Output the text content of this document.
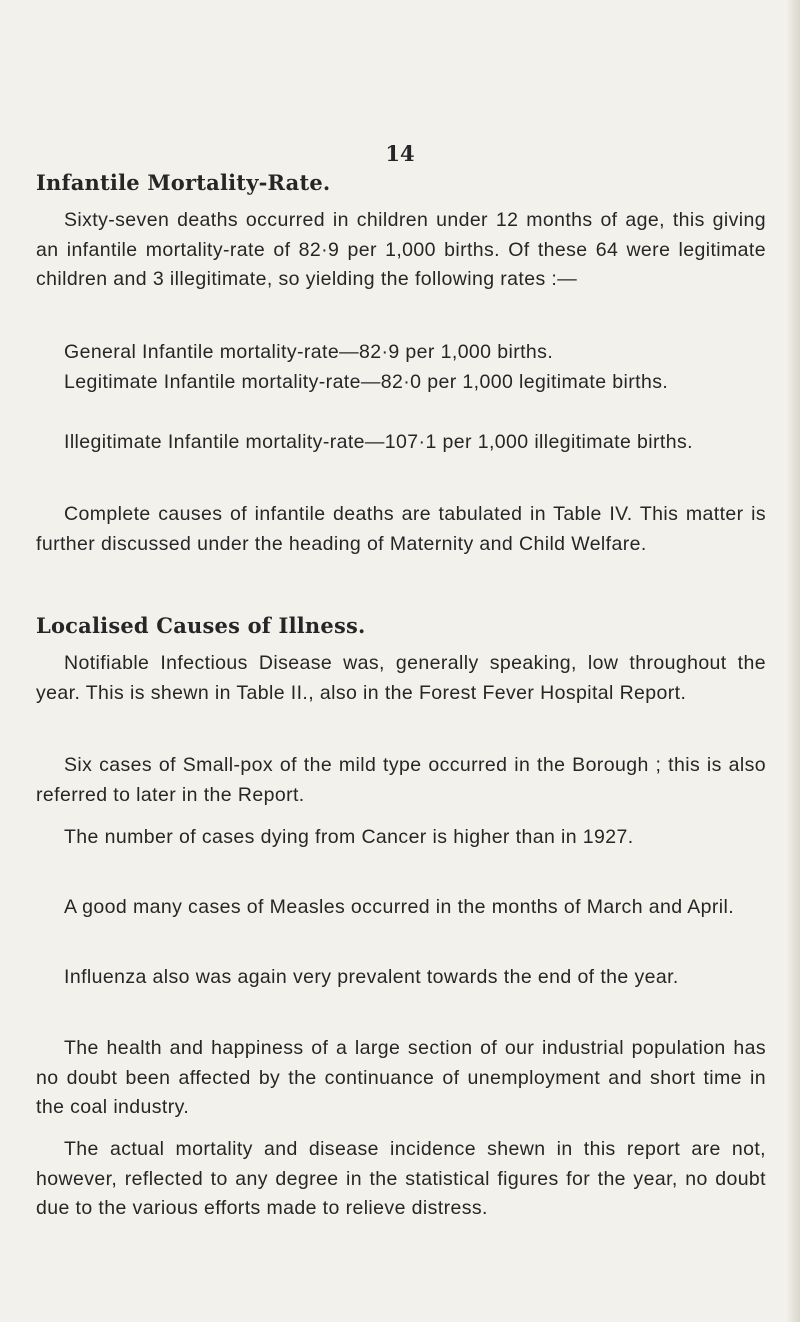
14
Infantile Mortality-Rate.

Sixty-seven deaths occurred in children under 12 months of age, this giving an infantile mortality-rate of 82·9 per 1,000 births. Of these 64 were legitimate children and 3 illegitimate, so yielding the following rates :—

General Infantile mortality-rate—82·9 per 1,000 births.

Legitimate Infantile mortality-rate—82·0 per 1,000 legitimate births.

Illegitimate Infantile mortality-rate—107·1 per 1,000 illegitimate births.

Complete causes of infantile deaths are tabulated in Table IV. This matter is further discussed under the heading of Maternity and Child Welfare.

Localised Causes of Illness.

Notifiable Infectious Disease was, generally speaking, low throughout the year. This is shewn in Table II., also in the Forest Fever Hospital Report.

Six cases of Small-pox of the mild type occurred in the Borough ; this is also referred to later in the Report.

The number of cases dying from Cancer is higher than in 1927.

A good many cases of Measles occurred in the months of March and April.

Influenza also was again very prevalent towards the end of the year.

The health and happiness of a large section of our industrial population has no doubt been affected by the continuance of unemployment and short time in the coal industry.

The actual mortality and disease incidence shewn in this report are not, however, reflected to any degree in the statistical figures for the year, no doubt due to the various efforts made to relieve distress.
